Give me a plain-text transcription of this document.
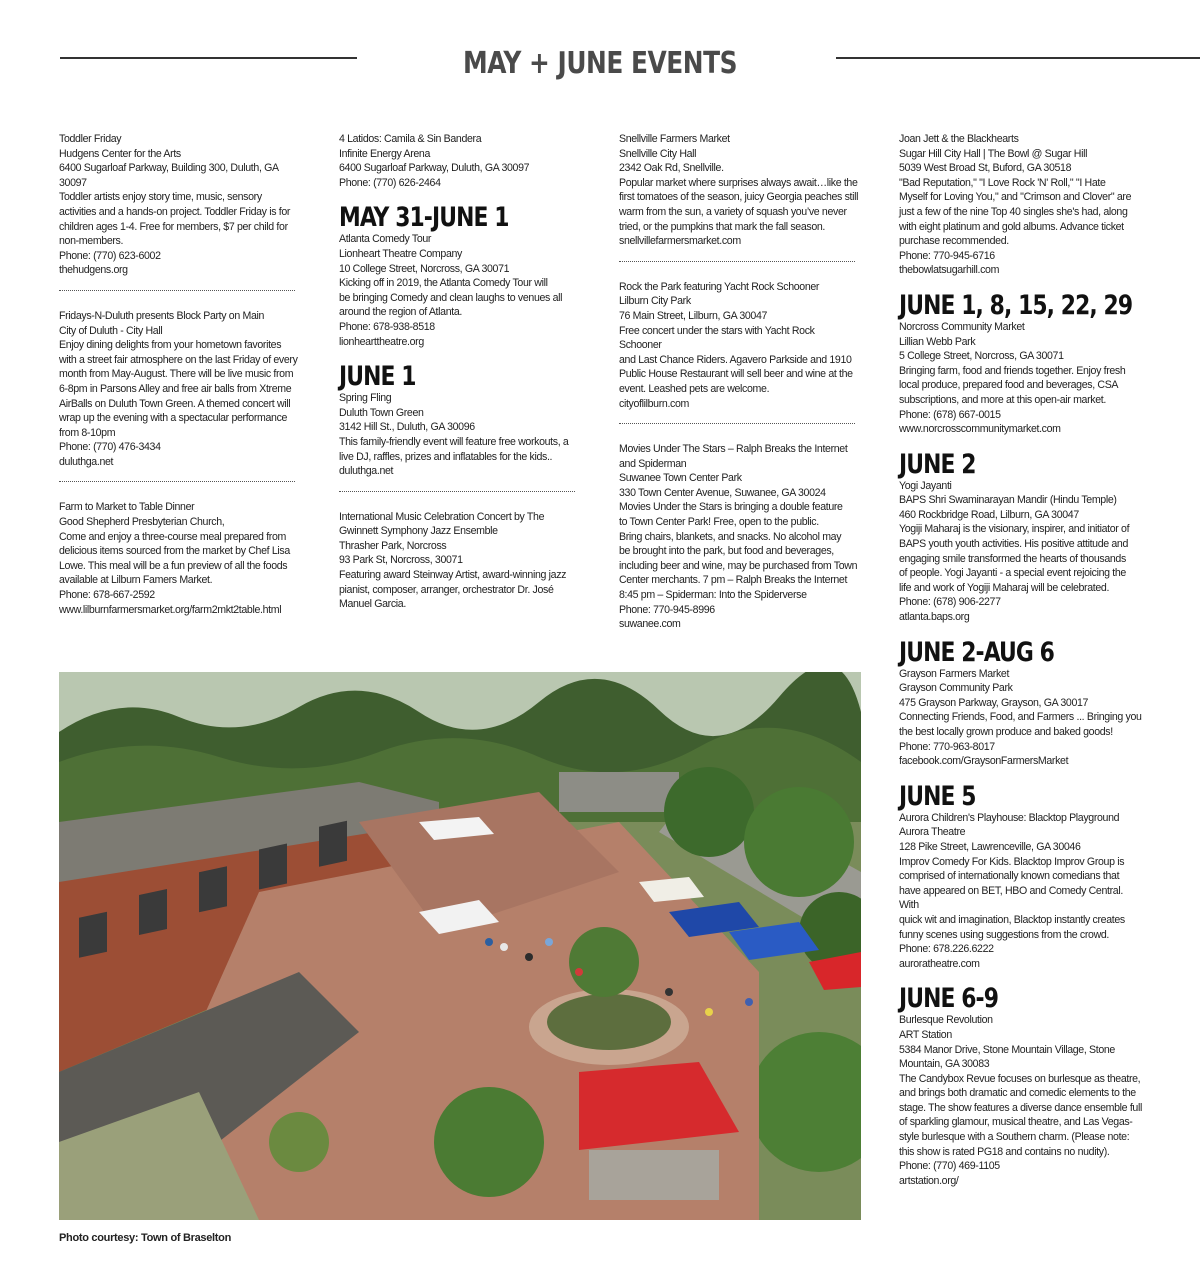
MAY + JUNE EVENTS

Toddler Friday

Hudgens Center for the Arts

6400 Sugarloaf Parkway, Building 300, Duluth, GA

30097

Toddler artists enjoy story time, music, sensory

activities and a hands-on project. Toddler Friday is for

children ages 1-4. Free for members, $7 per child for

non-members.

Phone: (770) 623-6002

thehudgens.org

Fridays-N-Duluth presents Block Party on Main

City of Duluth - City Hall

Enjoy dining delights from your hometown favorites

with a street fair atmosphere on the last Friday of every

month from May-August. There will be live music from

6-8pm in Parsons Alley and free air balls from Xtreme

AirBalls on Duluth Town Green. A themed concert will

wrap up the evening with a spectacular performance

from 8-10pm

Phone: (770) 476-3434

duluthga.net

Farm to Market to Table Dinner

Good Shepherd Presbyterian Church,

Come and enjoy a three-course meal prepared from

delicious items sourced from the market by Chef Lisa

Lowe. This meal will be a fun preview of all the foods

available at Lilburn Famers Market.

Phone: 678-667-2592

www.lilburnfarmersmarket.org/farm2mkt2table.html

4 Latidos: Camila & Sin Bandera

Infinite Energy Arena

6400 Sugarloaf Parkway, Duluth, GA 30097

Phone: (770) 626-2464

MAY 31-JUNE 1

Atlanta Comedy Tour

Lionheart Theatre Company

10 College Street, Norcross, GA 30071

Kicking off in 2019, the Atlanta Comedy Tour will

be bringing Comedy and clean laughs to venues all

around the region of Atlanta.

Phone: 678-938-8518

lionhearttheatre.org

JUNE 1

Spring Fling

Duluth Town Green

3142 Hill St., Duluth, GA 30096

This family-friendly event will feature free workouts, a

live DJ, raffles, prizes and inflatables for the kids..

duluthga.net

International Music Celebration Concert by The

Gwinnett Symphony Jazz Ensemble

Thrasher Park, Norcross

93 Park St, Norcross, 30071

Featuring award Steinway Artist, award-winning jazz

pianist, composer, arranger, orchestrator Dr. José

Manuel Garcia.

Snellville Farmers Market

Snellville City Hall

2342 Oak Rd, Snellville.

Popular market where surprises always await…like the

first tomatoes of the season, juicy Georgia peaches still

warm from the sun, a variety of squash you’ve never

tried, or the pumpkins that mark the fall season.

snellvillefarmersmarket.com

Rock the Park featuring Yacht Rock Schooner

Lilburn City Park

76 Main Street, Lilburn, GA 30047

Free concert under the stars with Yacht Rock Schooner

and Last Chance Riders. Agavero Parkside and 1910

Public House Restaurant will sell beer and wine at the

event. Leashed pets are welcome.

cityoflilburn.com

Movies Under The Stars – Ralph Breaks the Internet

and Spiderman

Suwanee Town Center Park

330 Town Center Avenue, Suwanee, GA 30024

Movies Under the Stars is bringing a double feature

to Town Center Park! Free, open to the public.

Bring chairs, blankets, and snacks. No alcohol may

be brought into the park, but food and beverages,

including beer and wine, may be purchased from Town

Center merchants. 7 pm – Ralph Breaks the Internet

8:45 pm – Spiderman: Into the Spiderverse

Phone: 770-945-8996

suwanee.com

Joan Jett & the Blackhearts

Sugar Hill City Hall | The Bowl @ Sugar Hill

5039 West Broad St, Buford, GA 30518

"Bad Reputation," "I Love Rock 'N' Roll," "I Hate

Myself for Loving You," and "Crimson and Clover" are

just a few of the nine Top 40 singles she's had, along

with eight platinum and gold albums. Advance ticket

purchase recommended.

Phone: 770-945-6716

thebowlatsugarhill.com

JUNE 1, 8, 15, 22, 29

Norcross Community Market

Lillian Webb Park

5 College Street, Norcross, GA 30071

Bringing farm, food and friends together. Enjoy fresh

local produce, prepared food and beverages, CSA

subscriptions, and more at this open-air market.

Phone: (678) 667-0015

www.norcrosscommunitymarket.com

JUNE 2

Yogi Jayanti

BAPS Shri Swaminarayan Mandir (Hindu Temple)

460 Rockbridge Road, Lilburn, GA 30047

Yogiji Maharaj is the visionary, inspirer, and initiator of

BAPS youth youth activities. His positive attitude and

engaging smile transformed the hearts of thousands

of people. Yogi Jayanti - a special event rejoicing the

life and work of Yogiji Maharaj will be celebrated.

Phone: (678) 906-2277

atlanta.baps.org

JUNE 2-AUG 6

Grayson Farmers Market

Grayson Community Park

475 Grayson Parkway, Grayson, GA 30017

Connecting Friends, Food, and Farmers ... Bringing you

the best locally grown produce and baked goods!

Phone: 770-963-8017

facebook.com/GraysonFarmersMarket

JUNE 5

Aurora Children's Playhouse: Blacktop Playground

Aurora Theatre

128 Pike Street, Lawrenceville, GA 30046

Improv Comedy For Kids. Blacktop Improv Group is

comprised of internationally known comedians that

have appeared on BET, HBO and Comedy Central. With

quick wit and imagination, Blacktop instantly creates

funny scenes using suggestions from the crowd.

Phone: 678.226.6222

auroratheatre.com

JUNE 6-9

Burlesque Revolution

ART Station

5384 Manor Drive, Stone Mountain Village, Stone

Mountain, GA 30083

The Candybox Revue focuses on burlesque as theatre,

and brings both dramatic and comedic elements to the

stage. The show features a diverse dance ensemble full

of sparkling glamour, musical theatre, and Las Vegas-

style burlesque with a Southern charm. (Please note:

this show is rated PG18 and contains no nudity).

Phone: (770) 469-1105

artstation.org/

Photo courtesy: Town of Braselton
